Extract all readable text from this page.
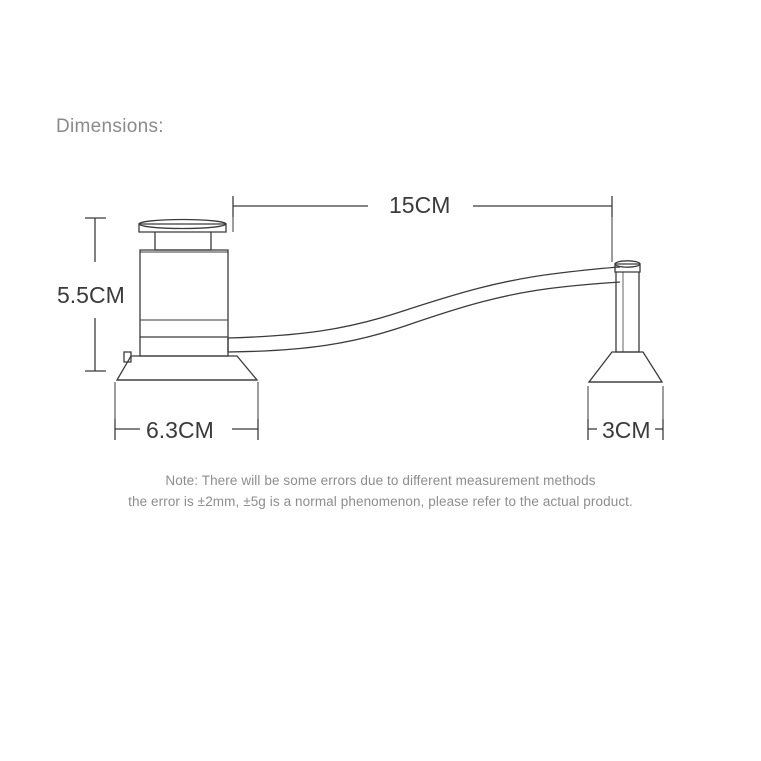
Dimensions:
15CM
5.5CM
6.3CM	3CM
Note: There will be some errors due to different measurement methods
the error is ±2mm, ±5g is a normal phenomenon, please refer to the actual product.
